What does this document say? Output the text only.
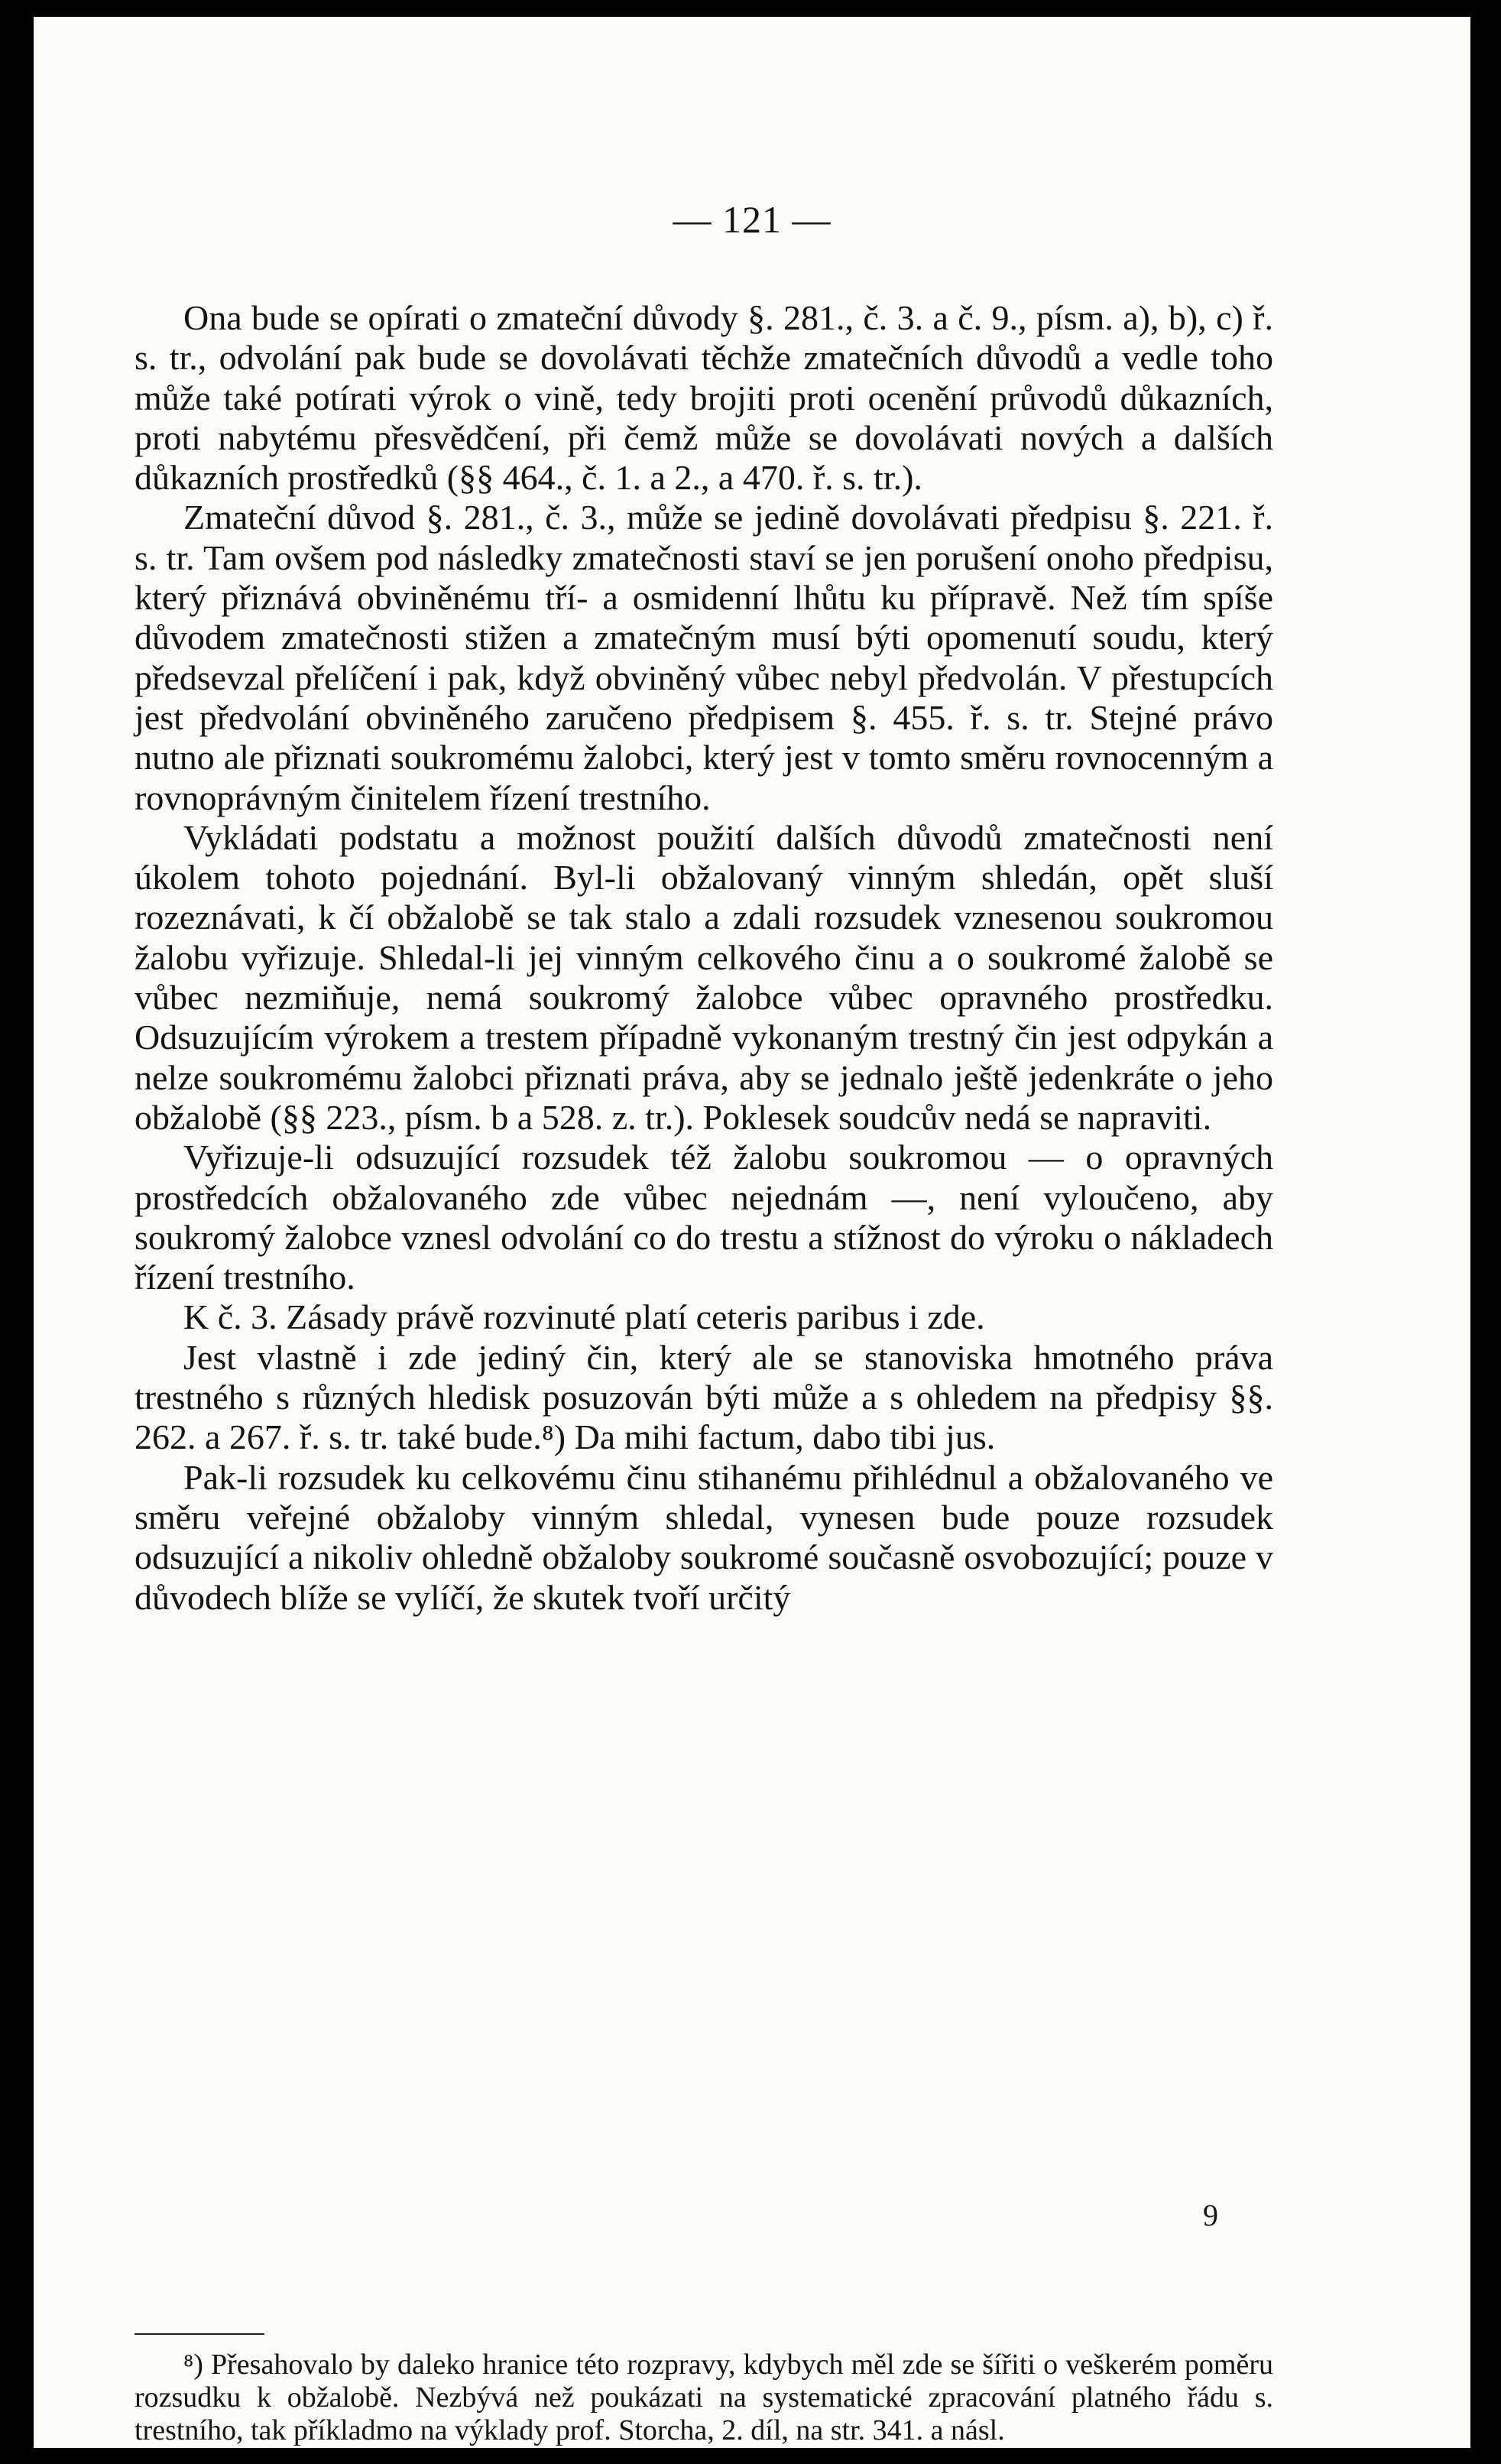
— 121 —

Ona bude se opírati o zmateční důvody §. 281., č. 3. a č. 9., písm. a), b), c) ř. s. tr., odvolání pak bude se dovolávati těchže zmatečních důvodů a vedle toho může také potírati výrok o vině, tedy brojiti proti ocenění průvodů důkazních, proti nabytému přesvědčení, při čemž může se dovolávati nových a dalších důkazních prostředků (§§ 464., č. 1. a 2., a 470. ř. s. tr.).

Zmateční důvod §. 281., č. 3., může se jedině dovolávati předpisu §. 221. ř. s. tr. Tam ovšem pod následky zmatečnosti staví se jen porušení onoho předpisu, který přiznává obviněnému tří- a osmidenní lhůtu ku přípravě. Než tím spíše důvodem zmatečnosti stižen a zmatečným musí býti opomenutí soudu, který předsevzal přelíčení i pak, když obviněný vůbec nebyl předvolán. V přestupcích jest předvolání obviněného zaručeno předpisem §. 455. ř. s. tr. Stejné právo nutno ale přiznati soukromému žalobci, který jest v tomto směru rovnocenným a rovnoprávným činitelem řízení trestního.

Vykládati podstatu a možnost použití dalších důvodů zmatečnosti není úkolem tohoto pojednání. Byl-li obžalovaný vinným shledán, opět sluší rozeznávati, k čí obžalobě se tak stalo a zdali rozsudek vznesenou soukromou žalobu vyřizuje. Shledal-li jej vinným celkového činu a o soukromé žalobě se vůbec nezmiňuje, nemá soukromý žalobce vůbec opravného prostředku. Odsuzujícím výrokem a trestem případně vykonaným trestný čin jest odpykán a nelze soukromému žalobci přiznati práva, aby se jednalo ještě jedenkráte o jeho obžalobě (§§ 223., písm. b a 528. z. tr.). Poklesek soudcův nedá se napraviti.

Vyřizuje-li odsuzující rozsudek též žalobu soukromou — o opravných prostředcích obžalovaného zde vůbec nejednám —, není vyloučeno, aby soukromý žalobce vznesl odvolání co do trestu a stížnost do výroku o nákladech řízení trestního.

K č. 3. Zásady právě rozvinuté platí ceteris paribus i zde.

Jest vlastně i zde jediný čin, který ale se stanoviska hmotného práva trestného s různých hledisk posuzován býti může a s ohledem na předpisy §§. 262. a 267. ř. s. tr. také bude.⁸) Da mihi factum, dabo tibi jus.

Pak-li rozsudek ku celkovému činu stihanému přihlédnul a obžalovaného ve směru veřejné obžaloby vinným shledal, vynesen bude pouze rozsudek odsuzující a nikoliv ohledně obžaloby soukromé současně osvobozující; pouze v důvodech blíže se vylíčí, že skutek tvoří určitý

9

⁸) Přesahovalo by daleko hranice této rozpravy, kdybych měl zde se šířiti o veškerém poměru rozsudku k obžalobě. Nezbývá než poukázati na systematické zpracování platného řádu s. trestního, tak příkladmo na výklady prof. Storcha, 2. díl, na str. 341. a násl.
